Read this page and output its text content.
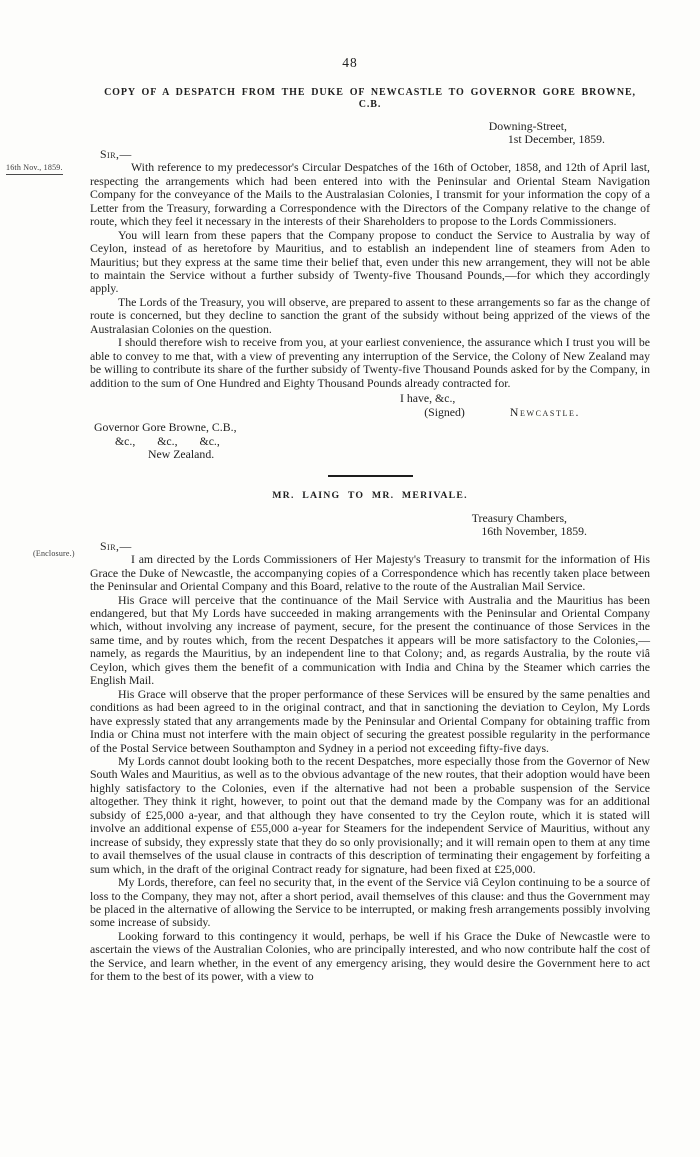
48
COPY OF A DESPATCH FROM THE DUKE OF NEWCASTLE TO GOVERNOR GORE BROWNE, C.B.
Downing-Street,
1st December, 1859.
Sir,—
16th Nov., 1859.	With reference to my predecessor's Circular Despatches of the 16th of October, 1858, and 12th of April last, respecting the arrangements which had been entered into with the Peninsular and Oriental Steam Navigation Company for the conveyance of the Mails to the Australasian Colonies, I transmit for your information the copy of a Letter from the Treasury, forwarding a Correspondence with the Directors of the Company relative to the change of route, which they feel it necessary in the interests of their Shareholders to propose to the Lords Commissioners.

You will learn from these papers that the Company propose to conduct the Service to Australia by way of Ceylon, instead of as heretofore by Mauritius, and to establish an independent line of steamers from Aden to Mauritius; but they express at the same time their belief that, even under this new arrangement, they will not be able to maintain the Service without a further subsidy of Twenty-five Thousand Pounds,—for which they accordingly apply.

The Lords of the Treasury, you will observe, are prepared to assent to these arrangements so far as the change of route is concerned, but they decline to sanction the grant of the subsidy without being apprized of the views of the Australasian Colonies on the question.

I should therefore wish to receive from you, at your earliest convenience, the assurance which I trust you will be able to convey to me that, with a view of preventing any interruption of the Service, the Colony of New Zealand may be willing to contribute its share of the further subsidy of Twenty-five Thousand Pounds asked for by the Company, in addition to the sum of One Hundred and Eighty Thousand Pounds already contracted for.

I have, &c.,
(Signed)	Newcastle.
Governor Gore Browne, C.B.,
&c., &c., &c.,
New Zealand.
MR. LAING TO MR. MERIVALE.
Treasury Chambers,
16th November, 1859.
Sir,—
(Enclosure.)	I am directed by the Lords Commissioners of Her Majesty's Treasury to transmit for the information of His Grace the Duke of Newcastle, the accompanying copies of a Correspondence which has recently taken place between the Peninsular and Oriental Company and this Board, relative to the route of the Australian Mail Service.

His Grace will perceive that the continuance of the Mail Service with Australia and the Mauritius has been endangered, but that My Lords have succeeded in making arrangements with the Peninsular and Oriental Company which, without involving any increase of payment, secure, for the present the continuance of those Services in the same time, and by routes which, from the recent Despatches it appears will be more satisfactory to the Colonies,—namely, as regards the Mauritius, by an independent line to that Colony; and, as regards Australia, by the route viâ Ceylon, which gives them the benefit of a communication with India and China by the Steamer which carries the English Mail.

His Grace will observe that the proper performance of these Services will be ensured by the same penalties and conditions as had been agreed to in the original contract, and that in sanctioning the deviation to Ceylon, My Lords have expressly stated that any arrangements made by the Peninsular and Oriental Company for obtaining traffic from India or China must not interfere with the main object of securing the greatest possible regularity in the performance of the Postal Service between Southampton and Sydney in a period not exceeding fifty-five days.

My Lords cannot doubt looking both to the recent Despatches, more especially those from the Governor of New South Wales and Mauritius, as well as to the obvious advantage of the new routes, that their adoption would have been highly satisfactory to the Colonies, even if the alternative had not been a probable suspension of the Service altogether. They think it right, however, to point out that the demand made by the Company was for an additional subsidy of £25,000 a-year, and that although they have consented to try the Ceylon route, which it is stated will involve an additional expense of £55,000 a-year for Steamers for the independent Service of Mauritius, without any increase of subsidy, they expressly state that they do so only provisionally; and it will remain open to them at any time to avail themselves of the usual clause in contracts of this description of terminating their engagement by forfeiting a sum which, in the draft of the original Contract ready for signature, had been fixed at £25,000.

My Lords, therefore, can feel no security that, in the event of the Service viâ Ceylon continuing to be a source of loss to the Company, they may not, after a short period, avail themselves of this clause: and thus the Government may be placed in the alternative of allowing the Service to be interrupted, or making fresh arrangements possibly involving some increase of subsidy.

Looking forward to this contingency it would, perhaps, be well if his Grace the Duke of Newcastle were to ascertain the views of the Australian Colonies, who are principally interested, and who now contribute half the cost of the Service, and learn whether, in the event of any emergency arising, they would desire the Government here to act for them to the best of its power, with a view to
